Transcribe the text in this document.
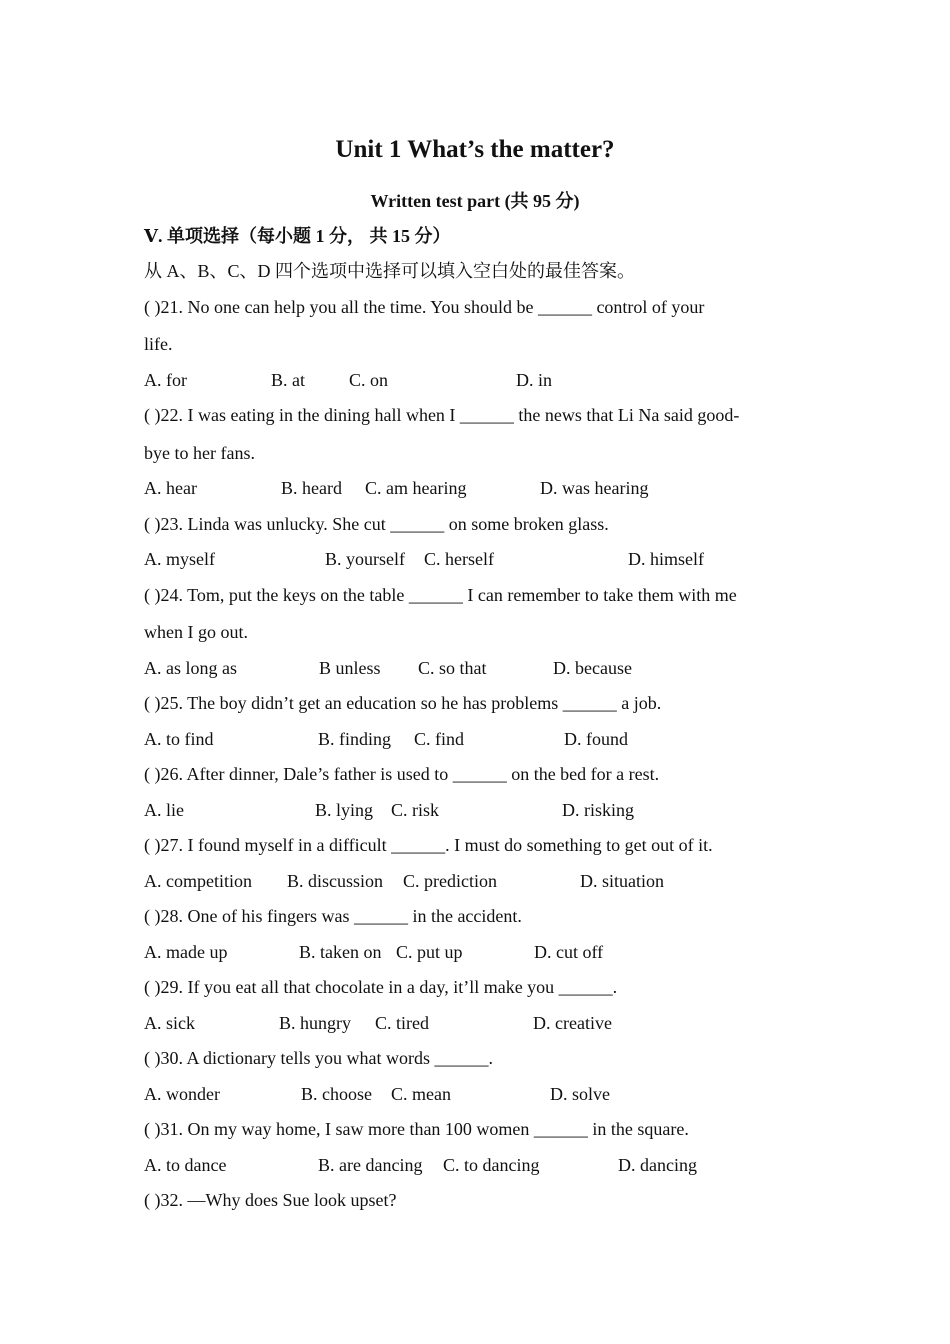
Unit 1 What’s the matter?
Written test part (共 95 分)
Ⅴ. 单项选择（每小题 1 分， 共 15 分）
从 A、B、C、D 四个选项中选择可以填入空白处的最佳答案。
( )21. No one can help you all the time. You should be ______ control of your
life.
A. for	B. at C. on	D. in
( )22. I was eating in the dining hall when I ______ the news that Li Na said good-
bye to her fans.
A. hear	B. heard C. am hearing	D. was hearing
( )23. Linda was unlucky. She cut ______ on some broken glass.
A. myself	B. yourself C. herself	D. himself
( )24. Tom, put the keys on the table ______ I can remember to take them with me
when I go out.
A. as long as	B unless C. so that	D. because
( )25. The boy didn’t get an education so he has problems ______ a job.
A. to find	B. finding C. find	D. found
( )26. After dinner, Dale’s father is used to ______ on the bed for a rest.
A. lie	B. lying C. risk	D. risking
( )27. I found myself in a difficult ______. I must do something to get out of it.
A. competition B. discussion C. prediction	D. situation
( )28. One of his fingers was ______ in the accident.
A. made up	B. taken on C. put up	D. cut off
( )29. If you eat all that chocolate in a day, it’ll make you ______.
A. sick	B. hungry C. tired	D. creative
( )30. A dictionary tells you what words ______.
A. wonder	B. choose C. mean	D. solve
( )31. On my way home, I saw more than 100 women ______ in the square.
A. to dance	B. are dancing C. to dancing	D. dancing
( )32. —Why does Sue look upset?
